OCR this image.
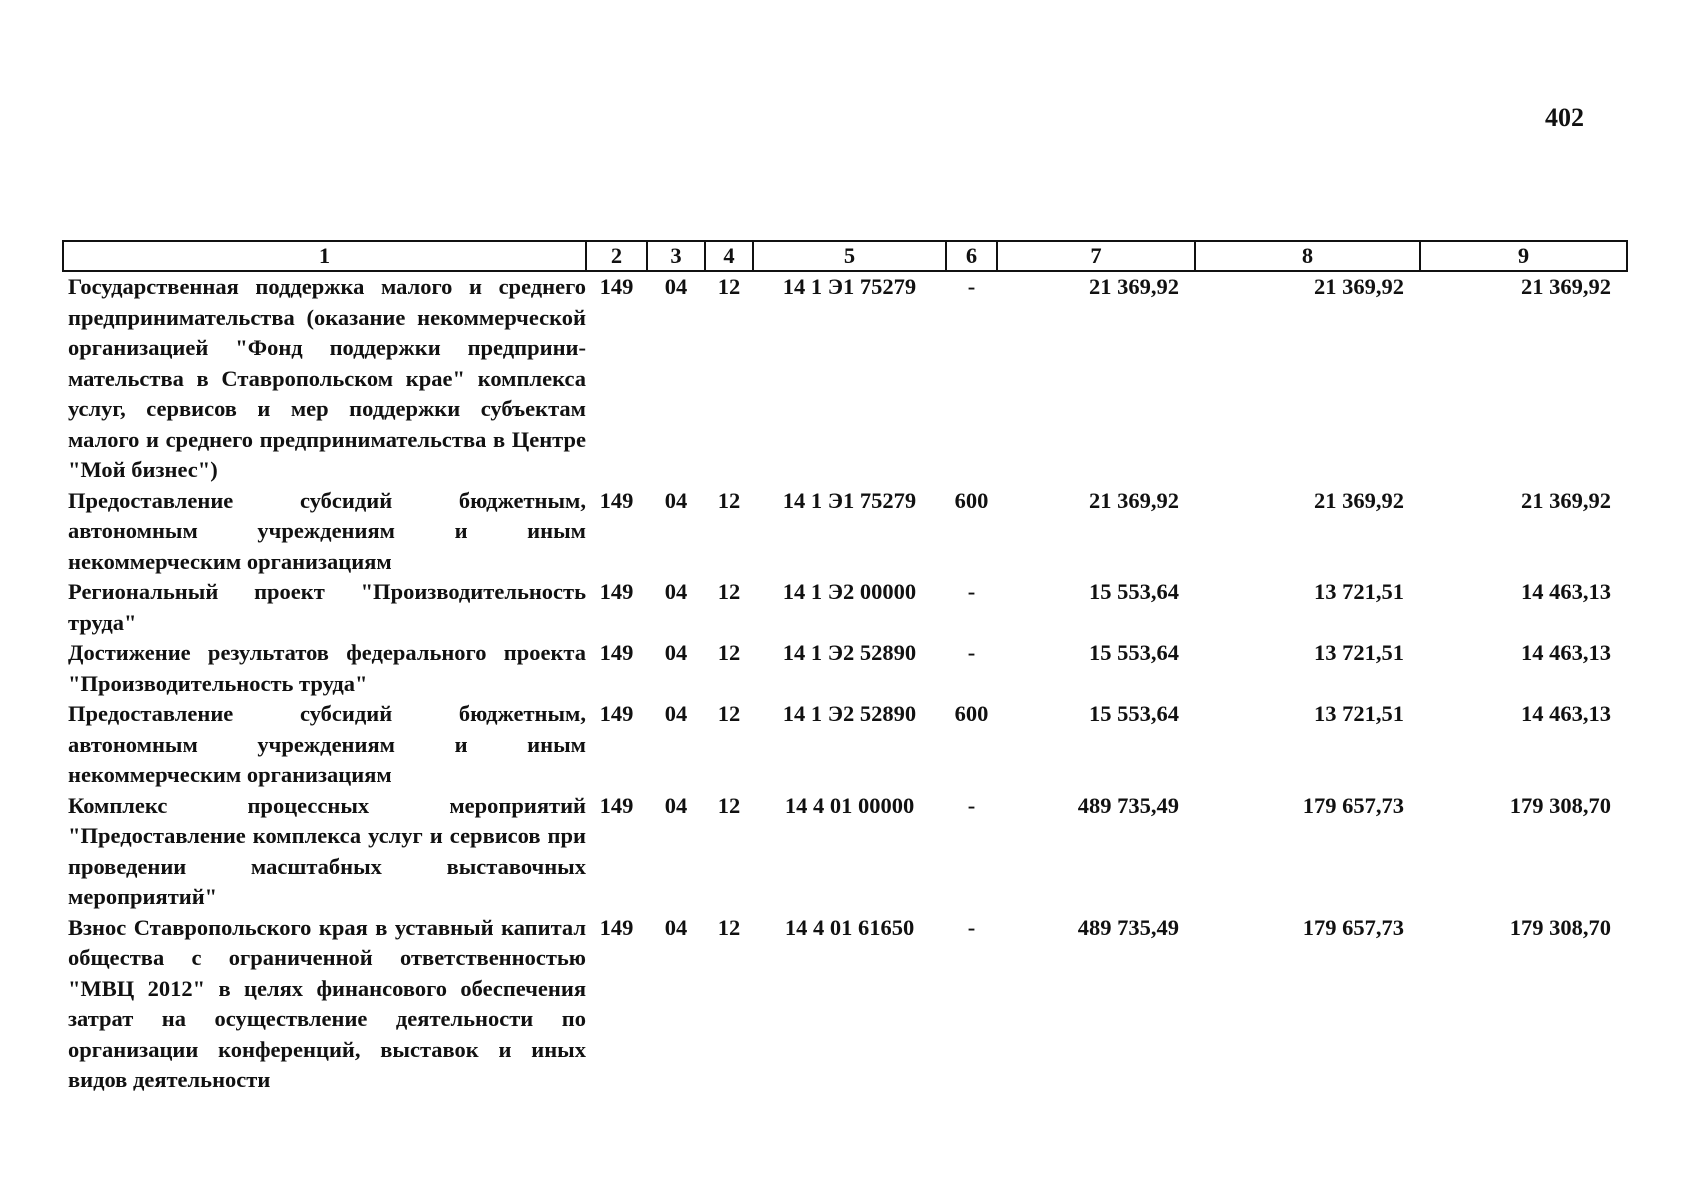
402
1	2	3	4	5	6	7	8	9
Государственная поддержка малого и среднего предпринимательства (оказание некоммерческой организацией "Фонд поддержки предприни-мательства в Ставропольском крае" комплекса услуг, сервисов и мер поддержки субъектам малого и среднего предпринимательства в Центре "Мой бизнес")	149	04	12	14 1 Э1 75279	-	21 369,92	21 369,92	21 369,92
Предоставление субсидий бюджетным, автономным учреждениям и иным некоммерческим организациям	149	04	12	14 1 Э1 75279	600	21 369,92	21 369,92	21 369,92
Региональный проект "Производительность труда"	149	04	12	14 1 Э2 00000	-	15 553,64	13 721,51	14 463,13
Достижение результатов федерального проекта "Производительность труда"	149	04	12	14 1 Э2 52890	-	15 553,64	13 721,51	14 463,13
Предоставление субсидий бюджетным, автономным учреждениям и иным некоммерческим организациям	149	04	12	14 1 Э2 52890	600	15 553,64	13 721,51	14 463,13
Комплекс процессных мероприятий "Предоставление комплекса услуг и сервисов при проведении масштабных выставочных мероприятий"	149	04	12	14 4 01 00000	-	489 735,49	179 657,73	179 308,70
Взнос Ставропольского края в уставный капитал общества с ограниченной ответственностью "МВЦ 2012" в целях финансового обеспечения затрат на осуществление деятельности по организации конференций, выставок и иных видов деятельности	149	04	12	14 4 01 61650	-	489 735,49	179 657,73	179 308,70
